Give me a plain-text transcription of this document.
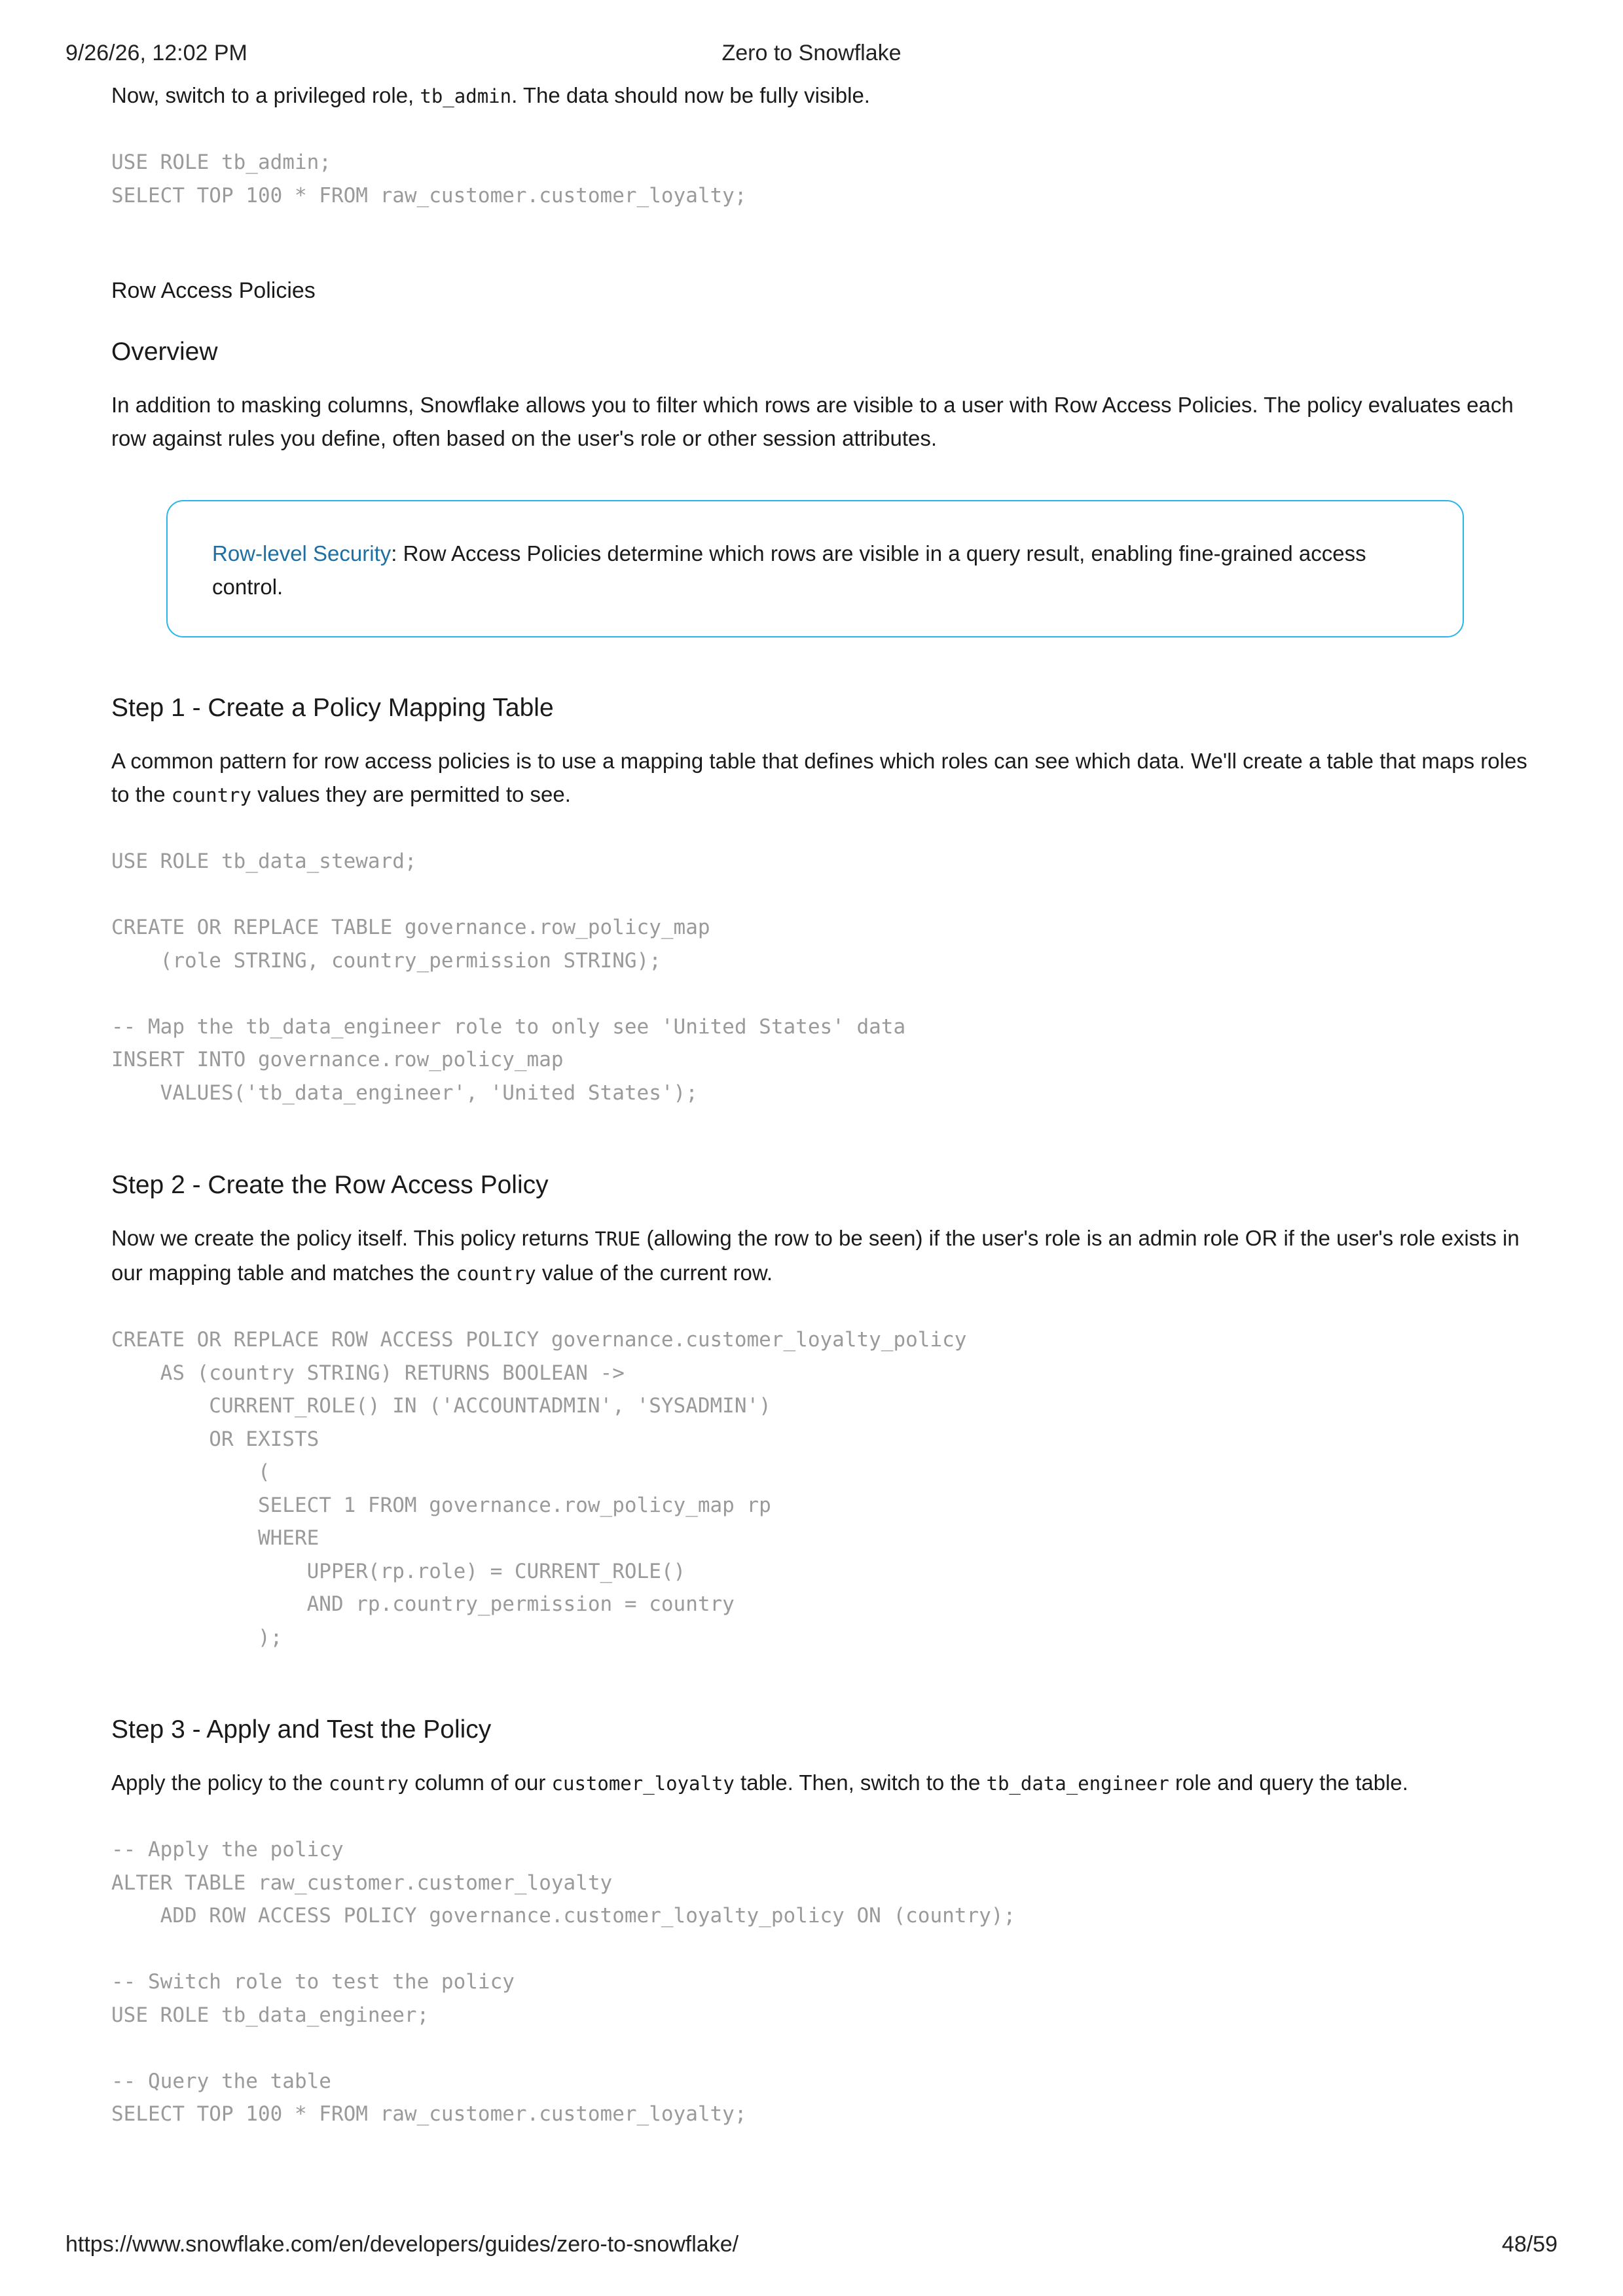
9/26/26, 12:02 PM	Zero to Snowflake

Now, switch to a privileged role, tb_admin. The data should now be fully visible.

USE ROLE tb_admin;
SELECT TOP 100 * FROM raw_customer.customer_loyalty;
Row Access Policies
Overview

In addition to masking columns, Snowflake allows you to filter which rows are visible to a user with Row Access Policies. The policy evaluates each row against rules you define, often based on the user's role or other session attributes.

Row-level Security: Row Access Policies determine which rows are visible in a query result, enabling fine-grained access control.

Step 1 - Create a Policy Mapping Table

A common pattern for row access policies is to use a mapping table that defines which roles can see which data. We'll create a table that maps roles to the country values they are permitted to see.

USE ROLE tb_data_steward;

CREATE OR REPLACE TABLE governance.row_policy_map
(role STRING, country_permission STRING);

-- Map the tb_data_engineer role to only see 'United States' data
INSERT INTO governance.row_policy_map
VALUES('tb_data_engineer', 'United States');
Step 2 - Create the Row Access Policy

Now we create the policy itself. This policy returns TRUE (allowing the row to be seen) if the user's role is an admin role OR if the user's role exists in our mapping table and matches the country value of the current row.

CREATE OR REPLACE ROW ACCESS POLICY governance.customer_loyalty_policy
AS (country STRING) RETURNS BOOLEAN ->
CURRENT_ROLE() IN ('ACCOUNTADMIN', 'SYSADMIN')
OR EXISTS
(
SELECT 1 FROM governance.row_policy_map rp
WHERE
UPPER(rp.role) = CURRENT_ROLE()
AND rp.country_permission = country
);
Step 3 - Apply and Test the Policy

Apply the policy to the country column of our customer_loyalty table. Then, switch to the tb_data_engineer role and query the table.

-- Apply the policy
ALTER TABLE raw_customer.customer_loyalty
ADD ROW ACCESS POLICY governance.customer_loyalty_policy ON (country);

-- Switch role to test the policy
USE ROLE tb_data_engineer;

-- Query the table
SELECT TOP 100 * FROM raw_customer.customer_loyalty;
https://www.snowflake.com/en/developers/guides/zero-to-snowflake/	48/59
